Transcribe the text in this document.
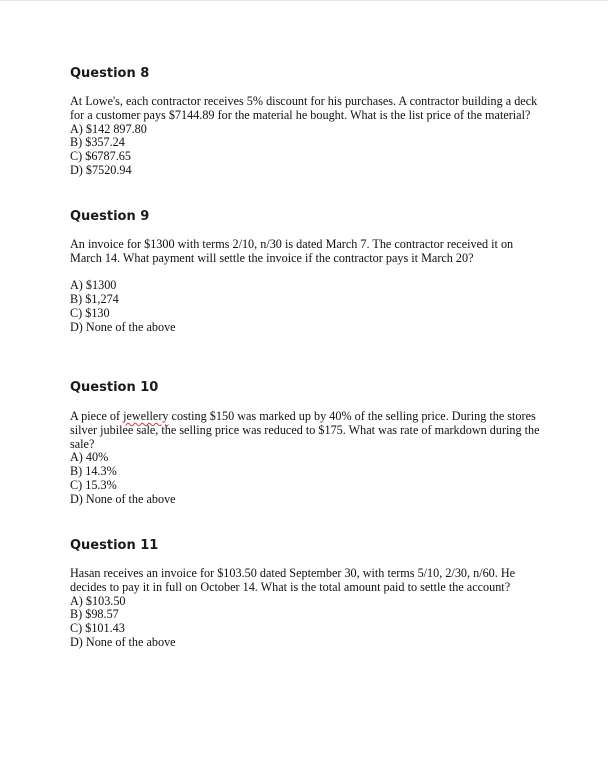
Question 8

At Lowe's, each contractor receives 5% discount for his purchases. A contractor building a deck for a customer pays $7144.89 for the material he bought. What is the list price of the material?

A) $142 897.80
B) $357.24
C) $6787.65
D) $7520.94
Question 9

An invoice for $1300 with terms 2/10, n/30 is dated March 7. The contractor received it on March 14. What payment will settle the invoice if the contractor pays it March 20?

A) $1300
B) $1,274
C) $130
D) None of the above
Question 10

A piece of jewellery costing $150 was marked up by 40% of the selling price. During the stores silver jubilee sale, the selling price was reduced to $175. What was rate of markdown during the sale?

A) 40%
B) 14.3%
C) 15.3%
D) None of the above
Question 11

Hasan receives an invoice for $103.50 dated September 30, with terms 5/10, 2/30, n/60. He decides to pay it in full on October 14. What is the total amount paid to settle the account?

A) $103.50
B) $98.57
C) $101.43
D) None of the above
